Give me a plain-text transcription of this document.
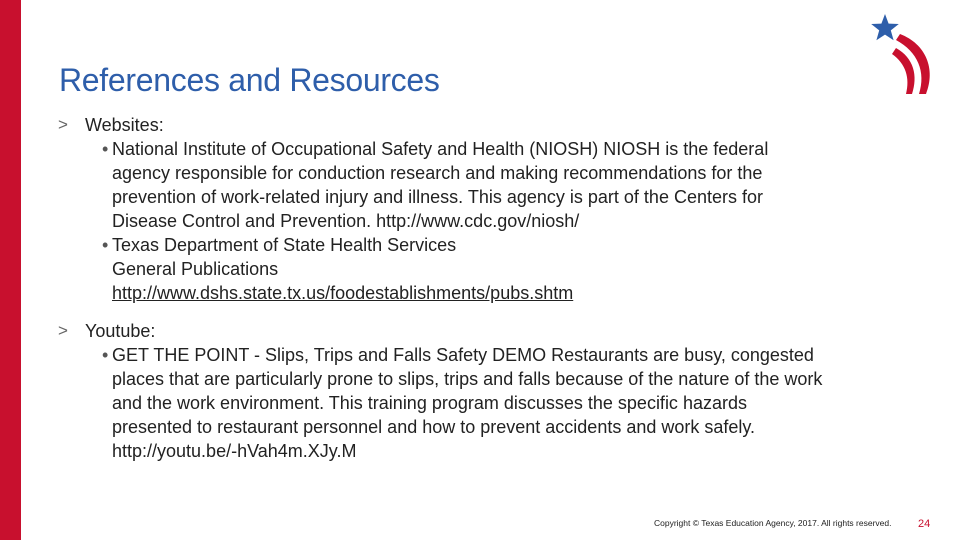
References and Resources
> Websites:
• National Institute of Occupational Safety and Health (NIOSH) NIOSH is the federal
agency responsible for conduction research and making recommendations for the
prevention of work-related injury and illness. This agency is part of the Centers for
Disease Control and Prevention. http://www.cdc.gov/niosh/
• Texas Department of State Health Services
General Publications
http://www.dshs.state.tx.us/foodestablishments/pubs.shtm
> Youtube:
• GET THE POINT - Slips, Trips and Falls Safety DEMO Restaurants are busy, congested
places that are particularly prone to slips, trips and falls because of the nature of the work
and the work environment. This training program discusses the specific hazards
presented to restaurant personnel and how to prevent accidents and work safely.
http://youtu.be/-hVah4m.XJy.M
Copyright © Texas Education Agency, 2017. All rights reserved. 24
